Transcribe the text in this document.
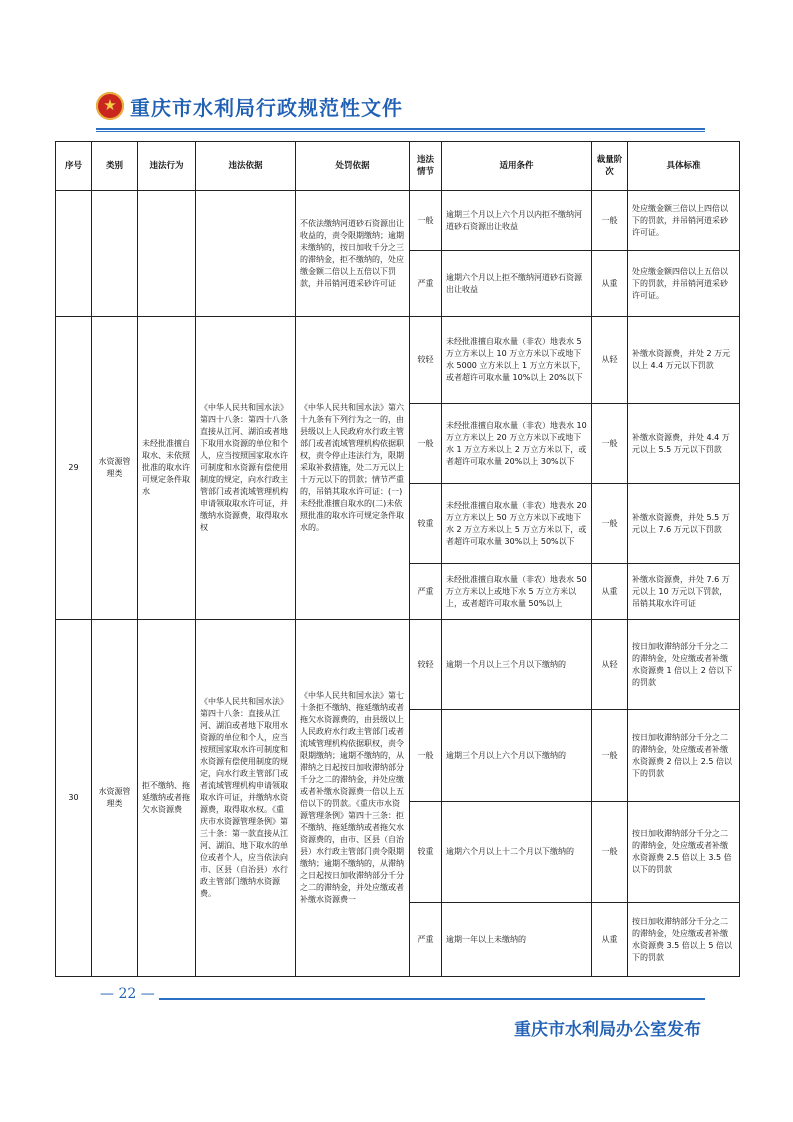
★ 重庆市水利局行政规范性文件
序号	类别	违法行为	违法依据	处罚依据	违法情节	适用条件	裁量阶次	具体标准
				不依法缴纳河道砂石资源出让收益的，责令限期缴纳；逾期未缴纳的，按日加收千分之三的滞纳金，拒不缴纳的，处应缴金额二倍以上五倍以下罚款，并吊销河道采砂许可证	一般	逾期三个月以上六个月以内拒不缴纳河道砂石资源出让收益	一般	处应缴金额三倍以上四倍以下的罚款，并吊销河道采砂许可证。
					严重	逾期六个月以上拒不缴纳河道砂石资源出让收益	从重	处应缴金额四倍以上五倍以下的罚款，并吊销河道采砂许可证。
29	水资源管理类	未经批准擅自取水、未依照批准的取水许可规定条件取水	《中华人民共和国水法》第四十八条：第四十八条直接从江河、湖泊或者地下取用水资源的单位和个人，应当按照国家取水许可制度和水资源有偿使用制度的规定，向水行政主管部门或者流域管理机构申请领取取水许可证，并缴纳水资源费，取得取水权	《中华人民共和国水法》第六十九条有下列行为之一的，由县级以上人民政府水行政主管部门或者流域管理机构依据职权，责令停止违法行为，限期采取补救措施，处二万元以上十万元以下的罚款；情节严重的，吊销其取水许可证：(一)未经批准擅自取水的(二)未依照批准的取水许可规定条件取水的。	较轻	未经批准擅自取水量（非农）地表水 5 万立方米以上 10 万立方米以下或地下水 5000 立方米以上 1 万立方米以下，或者超许可取水量 10%以上 20%以下	从轻	补缴水资源费，并处 2 万元以上 4.4 万元以下罚款
					一般	未经批准擅自取水量（非农）地表水 10 万立方米以上 20 万立方米以下或地下水 1 万立方米以上 2 万立方米以下，或者超许可取水量 20%以上 30%以下	一般	补缴水资源费，并处 4.4 万元以上 5.5 万元以下罚款
					较重	未经批准擅自取水量（非农）地表水 20 万立方米以上 50 万立方米以下或地下水 2 万立方米以上 5 万立方米以下，或者超许可取水量 30%以上 50%以下	一般	补缴水资源费，并处 5.5 万元以上 7.6 万元以下罚款
					严重	未经批准擅自取水量（非农）地表水 50 万立方米以上或地下水 5 万立方米以上，或者超许可取水量 50%以上	从重	补缴水资源费，并处 7.6 万元以上 10 万元以下罚款，吊销其取水许可证
30	水资源管理类	拒不缴纳、拖延缴纳或者拖欠水资源费	《中华人民共和国水法》第四十八条：直接从江河、湖泊或者地下取用水资源的单位和个人，应当按照国家取水许可制度和水资源有偿使用制度的规定，向水行政主管部门或者流域管理机构申请领取取水许可证，并缴纳水资源费，取得取水权。《重庆市水资源管理条例》第三十条：第一款直接从江河、湖泊、地下取水的单位或者个人，应当依法向市、区县（自治县）水行政主管部门缴纳水资源费。	《中华人民共和国水法》第七十条拒不缴纳、拖延缴纳或者拖欠水资源费的，由县级以上人民政府水行政主管部门或者流域管理机构依据职权，责令限期缴纳；逾期不缴纳的，从滞纳之日起按日加收滞纳部分千分之二的滞纳金，并处应缴或者补缴水资源费一倍以上五倍以下的罚款。《重庆市水资源管理条例》第四十三条：拒不缴纳、拖延缴纳或者拖欠水资源费的，由市、区县（自治县）水行政主管部门责令限期缴纳；逾期不缴纳的，从滞纳之日起按日加收滞纳部分千分之二的滞纳金，并处应缴或者补缴水资源费一	较轻	逾期一个月以上三个月以下缴纳的	从轻	按日加收滞纳部分千分之二的滞纳金，处应缴或者补缴水资源费 1 倍以上 2 倍以下的罚款
					一般	逾期三个月以上六个月以下缴纳的	一般	按日加收滞纳部分千分之二的滞纳金，处应缴或者补缴水资源费 2 倍以上 2.5 倍以下的罚款
					较重	逾期六个月以上十二个月以下缴纳的	一般	按日加收滞纳部分千分之二的滞纳金，处应缴或者补缴水资源费 2.5 倍以上 3.5 倍以下的罚款
					严重	逾期一年以上未缴纳的	从重	按日加收滞纳部分千分之二的滞纳金，处应缴或者补缴水资源费 3.5 倍以上 5 倍以下的罚款
— 22 —
重庆市水利局办公室发布
